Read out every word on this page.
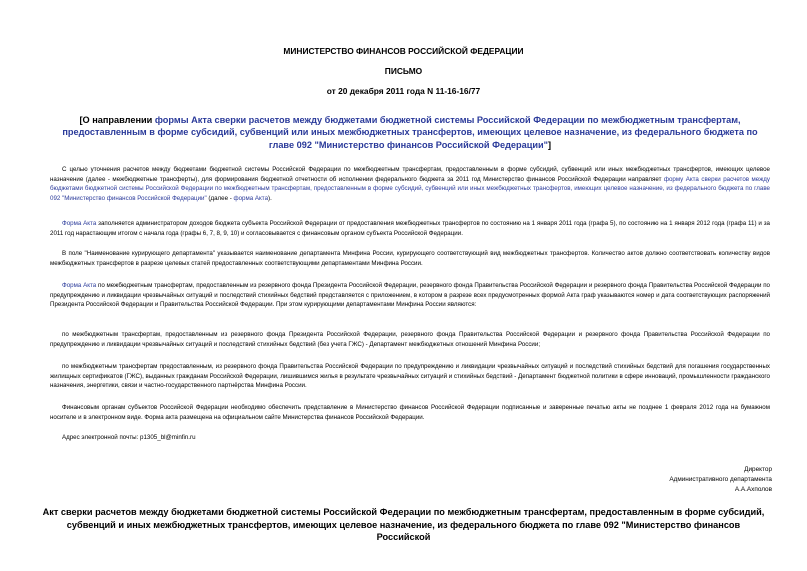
МИНИСТЕРСТВО ФИНАНСОВ РОССИЙСКОЙ ФЕДЕРАЦИИ
ПИСЬМО
от 20 декабря 2011 года N 11-16-16/77
[О направлении формы Акта сверки расчетов между бюджетами бюджетной системы Российской Федерации по межбюджетным трансфертам, предоставленным в форме субсидий, субвенций или иных межбюджетных трансфертов, имеющих целевое назначение, из федерального бюджета по главе 092 "Министерство финансов Российской Федерации"]

С целью уточнения расчетов между бюджетами бюджетной системы Российской Федерации по межбюджетным трансфертам, предоставленным в форме субсидий, субвенций или иных межбюджетных трансфертов, имеющих целевое назначение (далее - межбюджетные трансферты), для формирования бюджетной отчетности об исполнении федерального бюджета за 2011 год Министерство финансов Российской Федерации направляет форму Акта сверки расчетов между бюджетами бюджетной системы Российской Федерации по межбюджетным трансфертам, предоставленным в форме субсидий, субвенций или иных межбюджетных трансфертов, имеющих целевое назначение, из федерального бюджета по главе 092 "Министерство финансов Российской Федерации" (далее - форма Акта).

Форма Акта заполняется администратором доходов бюджета субъекта Российской Федерации от предоставления межбюджетных трансфертов по состоянию на 1 января 2011 года (графа 5), по состоянию на 1 января 2012 года (графа 11) и за 2011 год нарастающим итогом с начала года (графы 6, 7, 8, 9, 10) и согласовывается с финансовым органом субъекта Российской Федерации.

В поле "Наименование курирующего департамента" указывается наименование департамента Минфина России, курирующего соответствующий вид межбюджетных трансфертов. Количество актов должно соответствовать количеству видов межбюджетных трансфертов в разрезе целевых статей предоставленных соответствующими департаментами Минфина России.

Форма Акта по межбюджетным трансфертам, предоставленным из резервного фонда Президента Российской Федерации, резервного фонда Правительства Российской Федерации и резервного фонда Правительства Российской Федерации по предупреждению и ликвидации чрезвычайных ситуаций и последствий стихийных бедствий представляется с приложением, в котором в разрезе всех предусмотренных формой Акта граф указываются номер и дата соответствующих распоряжений Президента Российской Федерации и Правительства Российской Федерации. При этом курирующими департаментами Минфина России являются:

по межбюджетным трансфертам, предоставленным из резервного фонда Президента Российской Федерации, резервного фонда Правительства Российской Федерации и резервного фонда Правительства Российской Федерации по предупреждению и ликвидации чрезвычайных ситуаций и последствий стихийных бедствий (без учета ГЖС) - Департамент межбюджетных отношений Минфина России;

по межбюджетным трансфертам предоставленным, из резервного фонда Правительства Российской Федерации по предупреждению и ликвидации чрезвычайных ситуаций и последствий стихийных бедствий для погашения государственных жилищных сертификатов (ГЖС), выданных гражданам Российской Федерации, лишившимся жилья в результате чрезвычайных ситуаций и стихийных бедствий - Департамент бюджетной политики в сфере инноваций, промышленности гражданского назначения, энергетики, связи и частно-государственного партнёрства Минфина России.

Финансовым органам субъектов Российской Федерации необходимо обеспечить представление в Министерство финансов Российской Федерации подписанные и заверенные печатью акты не позднее 1 февраля 2012 года на бумажном носителе и в электронном виде. Форма акта размещена на официальном сайте Министерства финансов Российской Федерации.

Адрес электронной почты: p1305_bl@minfin.ru

Директор
Административного департамента
А.А.Ахполов
Акт сверки расчетов между бюджетами бюджетной системы Российской Федерации по межбюджетным трансфертам, предоставленным в форме субсидий, субвенций и иных межбюджетных трансфертов, имеющих целевое назначение, из федерального бюджета по главе 092 "Министерство финансов Российской
